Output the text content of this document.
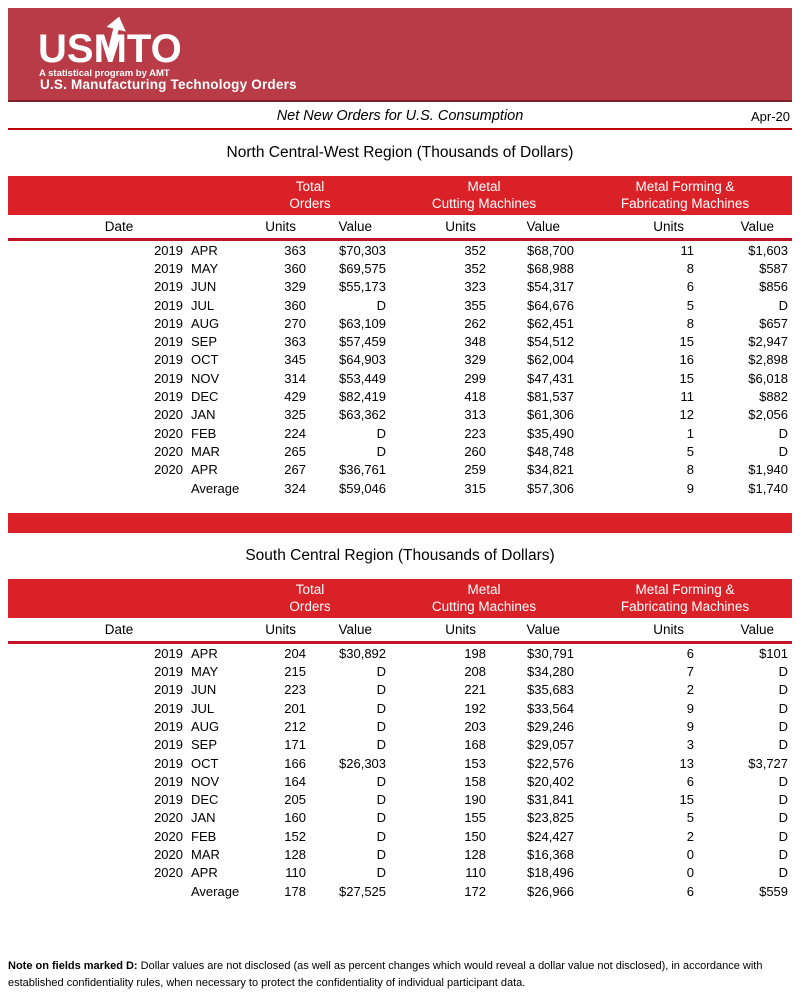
USMTO
A statistical program by AMT
U.S. Manufacturing Technology Orders
Net New Orders for U.S. Consumption	Apr-20
North Central-West Region (Thousands of Dollars)

Total
Orders

Metal
Cutting Machines

Metal Forming &
Fabricating Machines

Date	Units	Value	Units	Value	Units	Value
2019 APR	363	$70,303	352	$68,700	11	$1,603
2019 MAY	360	$69,575	352	$68,988	8	$587
2019 JUN	329	$55,173	323	$54,317	6	$856
2019 JUL	360	D	355	$64,676	5	D
2019 AUG	270	$63,109	262	$62,451	8	$657
2019 SEP	363	$57,459	348	$54,512	15	$2,947
2019 OCT	345	$64,903	329	$62,004	16	$2,898
2019 NOV	314	$53,449	299	$47,431	15	$6,018
2019 DEC	429	$82,419	418	$81,537	11	$882
2020 JAN	325	$63,362	313	$61,306	12	$2,056
2020 FEB	224	D	223	$35,490	1	D
2020 MAR	265	D	260	$48,748	5	D
2020 APR	267	$36,761	259	$34,821	8	$1,940
Average	324	$59,046	315	$57,306	9	$1,740
South Central Region (Thousands of Dollars)

Total
Orders

Metal
Cutting Machines

Metal Forming &
Fabricating Machines

Date	Units	Value	Units	Value	Units	Value
2019 APR	204	$30,892	198	$30,791	6	$101
2019 MAY	215	D	208	$34,280	7	D
2019 JUN	223	D	221	$35,683	2	D
2019 JUL	201	D	192	$33,564	9	D
2019 AUG	212	D	203	$29,246	9	D
2019 SEP	171	D	168	$29,057	3	D
2019 OCT	166	$26,303	153	$22,576	13	$3,727
2019 NOV	164	D	158	$20,402	6	D
2019 DEC	205	D	190	$31,841	15	D
2020 JAN	160	D	155	$23,825	5	D
2020 FEB	152	D	150	$24,427	2	D
2020 MAR	128	D	128	$16,368	0	D
2020 APR	110	D	110	$18,496	0	D
Average	178	$27,525	172	$26,966	6	$559
Note on fields marked D: Dollar values are not disclosed (as well as percent changes which would reveal a dollar value not disclosed), in accordance with established confidentiality rules, when necessary to protect the confidentiality of individual participant data.
